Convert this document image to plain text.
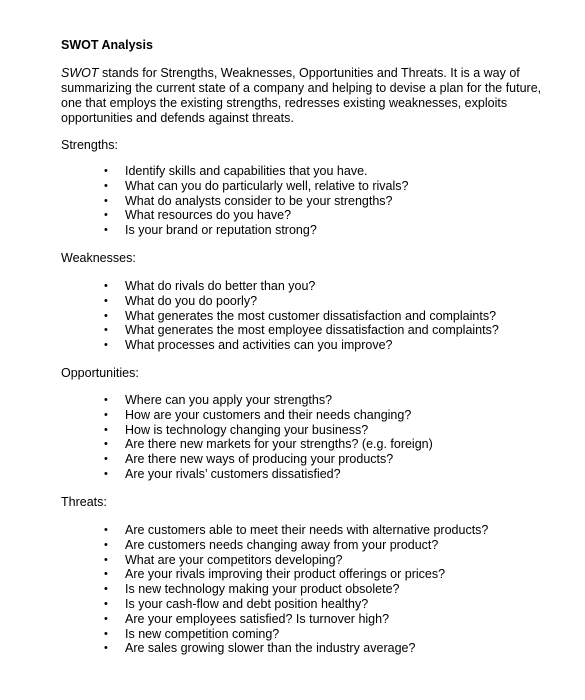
SWOT Analysis
SWOT stands for Strengths, Weaknesses, Opportunities and Threats. It is a way of
summarizing the current state of a company and helping to devise a plan for the future,
one that employs the existing strengths, redresses existing weaknesses, exploits
opportunities and defends against threats.
Strengths:
• Identify skills and capabilities that you have.
• What can you do particularly well, relative to rivals?
• What do analysts consider to be your strengths?
• What resources do you have?
• Is your brand or reputation strong?
Weaknesses:
• What do rivals do better than you?
• What do you do poorly?
• What generates the most customer dissatisfaction and complaints?
• What generates the most employee dissatisfaction and complaints?
• What processes and activities can you improve?
Opportunities:
• Where can you apply your strengths?
• How are your customers and their needs changing?
• How is technology changing your business?
• Are there new markets for your strengths? (e.g. foreign)
• Are there new ways of producing your products?
• Are your rivals’ customers dissatisfied?
Threats:
• Are customers able to meet their needs with alternative products?
• Are customers needs changing away from your product?
• What are your competitors developing?
• Are your rivals improving their product offerings or prices?
• Is new technology making your product obsolete?
• Is your cash-flow and debt position healthy?
• Are your employees satisfied? Is turnover high?
• Is new competition coming?
• Are sales growing slower than the industry average?
